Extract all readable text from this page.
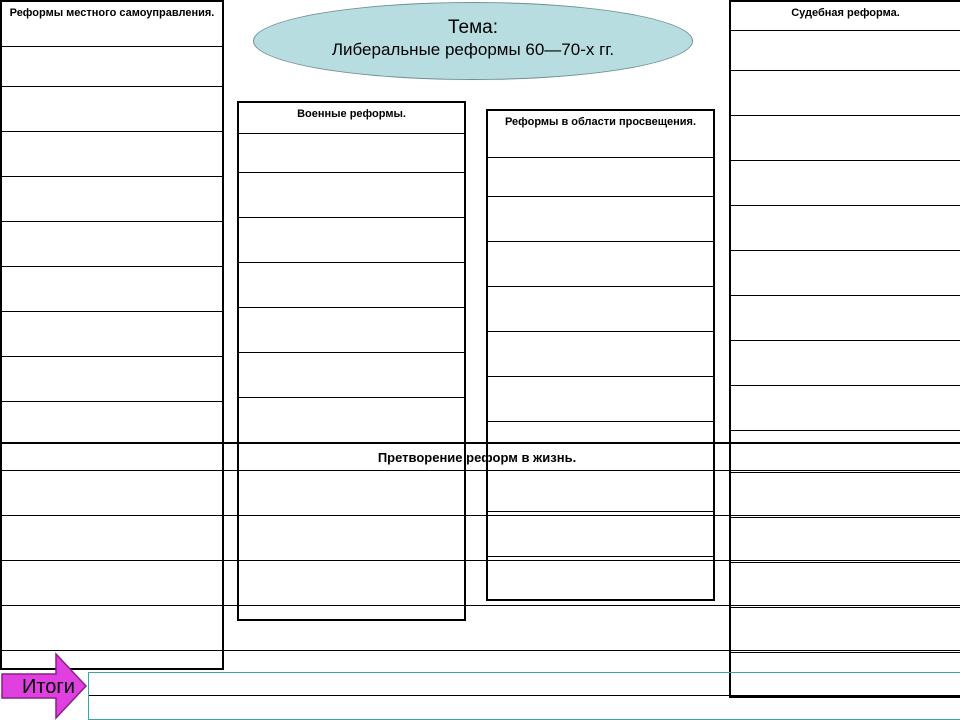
Тема:
Либеральные реформы 60—70-х гг.
Реформы местного самоуправления.
Военные реформы.
Реформы в области просвещения.
Судебная реформа.
Претворение реформ в жизнь.
Итоги
